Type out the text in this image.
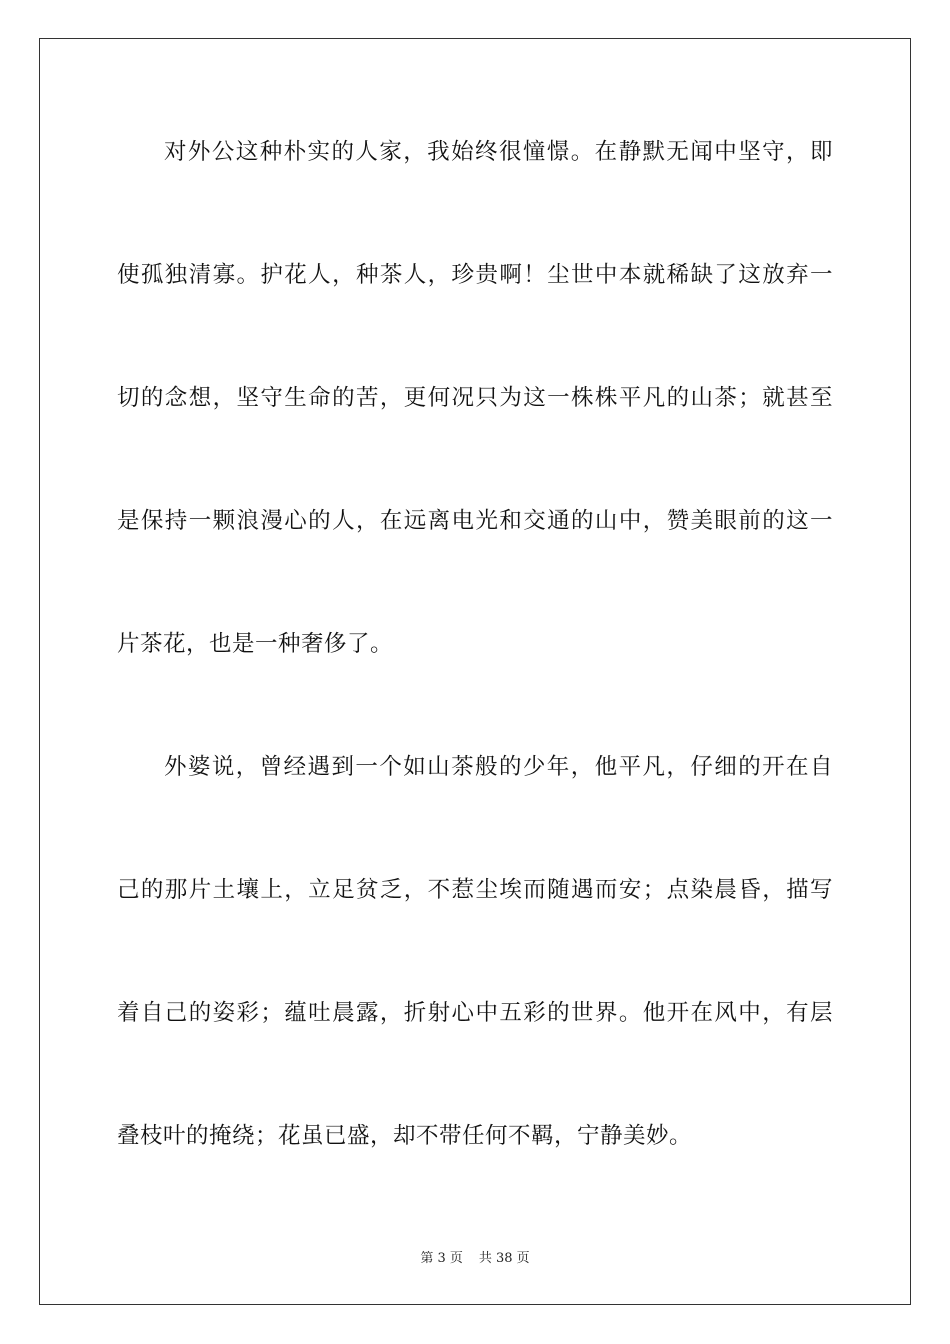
对外公这种朴实的人家，我始终很憧憬。在静默无闻中坚守，即
使孤独清寡。护花人，种茶人，珍贵啊！尘世中本就稀缺了这放弃一
切的念想，坚守生命的苦，更何况只为这一株株平凡的山茶；就甚至
是保持一颗浪漫心的人，在远离电光和交通的山中，赞美眼前的这一
片茶花，也是一种奢侈了。
外婆说，曾经遇到一个如山茶般的少年，他平凡，仔细的开在自
己的那片土壤上，立足贫乏，不惹尘埃而随遇而安；点染晨昏，描写
着自己的姿彩；蕴吐晨露，折射心中五彩的世界。他开在风中，有层
叠枝叶的掩绕；花虽已盛，却不带任何不羁，宁静美妙。
第 3 页 共 38 页
